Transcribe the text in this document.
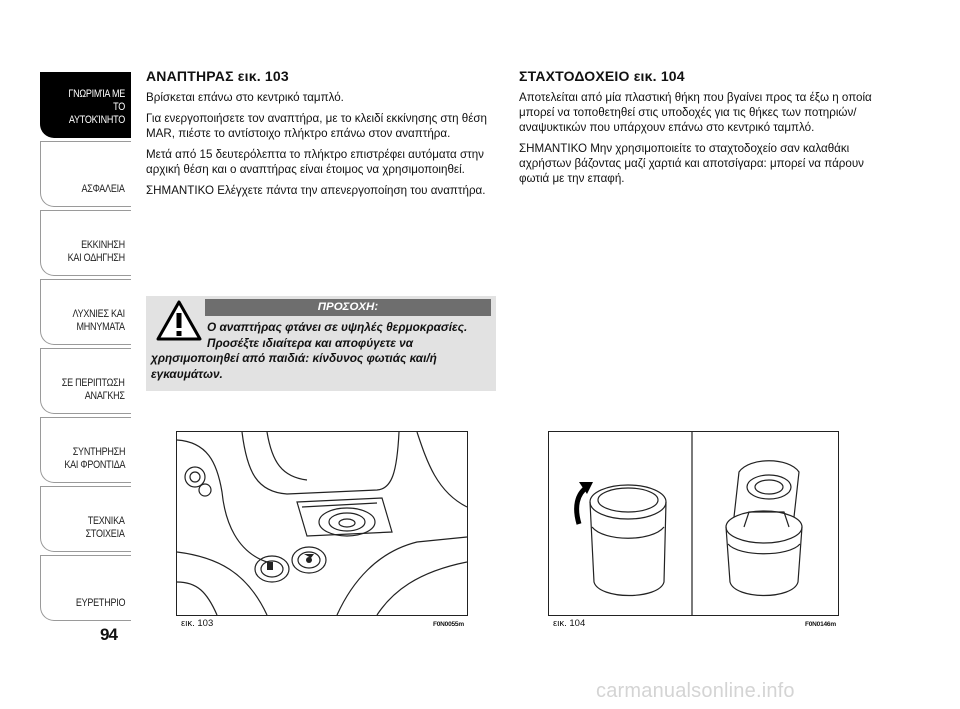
ΓΝΩΡΙΜΊΑ ΜΕ
ΤΟ ΑΥΤΟΚΊΝΗΤΟ
ΑΣΦΑΛΕΙΑ
ΕΚΚΙΝΗΣΗ
ΚΑΙ ΟΔΗΓΗΣΗ
ΛΥΧΝΙΕΣ ΚΑΙ
ΜΗΝΥΜΑΤΑ
ΣΕ ΠΕΡΙΠΤΩΣΗ
ΑΝΑΓΚΗΣ
ΣΥΝΤΗΡΗΣΗ
ΚΑΙ ΦΡΟΝΤΙΔΑ
ΤΕΧΝΙΚΑ
ΣΤΟΙΧΕΙΑ
ΕΥΡΕΤΗΡΙΟ
94
ΑΝΑΠΤΗΡΑΣ εικ. 103

Βρίσκεται επάνω στο κεντρικό ταμπλό.

Για ενεργοποιήσετε τον αναπτήρα, με το κλειδί εκκίνησης στη θέση MAR, πιέστε το αντίστοιχο πλήκτρο επάνω στον αναπτήρα.

Μετά από 15 δευτερόλεπτα το πλήκτρο επιστρέφει αυτόματα στην αρχική θέση και ο αναπτήρας είναι έτοιμος να χρησιμοποιηθεί.

ΣΗΜΑΝΤΙΚΟ Ελέγχετε πάντα την απενεργοποίηση του αναπτήρα.

ΠΡΟΣΟΧΗ:
Ο αναπτήρας φτάνει σε υψηλές θερμοκρασίες.
Προσέξτε ιδιαίτερα και αποφύγετε να
χρησιμοποιηθεί από παιδιά: κίνδυνος φωτιάς και/ή εγκαυμάτων.
ΣΤΑΧΤΟΔΟΧΕΙΟ εικ. 104

Αποτελείται από μία πλαστική θήκη που βγαίνει προς τα έξω η οποία μπορεί να τοποθετηθεί στις υποδοχές για τις θήκες των ποτηριών/αναψυκτικών που υπάρχουν επάνω στο κεντρικό ταμπλό.

ΣΗΜΑΝΤΙΚΟ Μην χρησιμοποιείτε το σταχτοδοχείο σαν καλαθάκι αχρήστων βάζοντας μαζί χαρτιά και αποτσίγαρα: μπορεί να πάρουν φωτιά με την επαφή.

εικ. 103	F0N0055m	εικ. 104	F0N0146m
carmanualsonline.info
